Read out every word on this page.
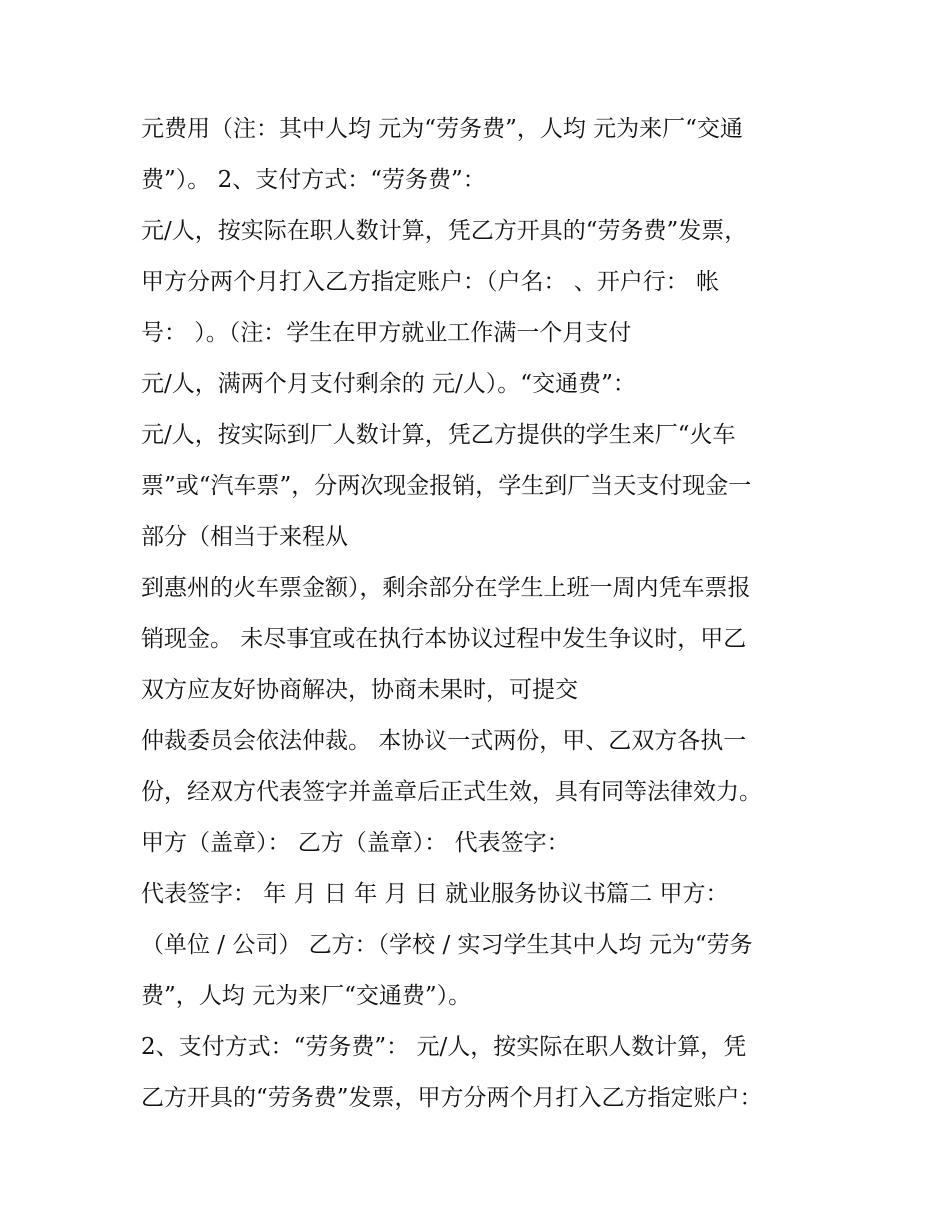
元费用（注：其中人均 元为“劳务费”，人均 元为来厂“交通
费”）。 2、支付方式：“劳务费”：
元/人，按实际在职人数计算，凭乙方开具的“劳务费”发票，
甲方分两个月打入乙方指定账户：（户名： 、开户行： 帐
号： ）。（注：学生在甲方就业工作满一个月支付
元/人，满两个月支付剩余的 元/人）。“交通费”：
元/人，按实际到厂人数计算，凭乙方提供的学生来厂“火车
票”或“汽车票”，分两次现金报销，学生到厂当天支付现金一
部分（相当于来程从
到惠州的火车票金额），剩余部分在学生上班一周内凭车票报
销现金。 未尽事宜或在执行本协议过程中发生争议时，甲乙
双方应友好协商解决，协商未果时，可提交
仲裁委员会依法仲裁。 本协议一式两份，甲、乙双方各执一
份，经双方代表签字并盖章后正式生效，具有同等法律效力。
甲方（盖章）： 乙方（盖章）： 代表签字：
代表签字： 年 月 日 年 月 日 就业服务协议书篇二 甲方：
（单位 / 公司） 乙方：（学校 / 实习学生其中人均 元为“劳务
费”，人均 元为来厂“交通费”）。
2、支付方式：“劳务费”： 元/人，按实际在职人数计算，凭
乙方开具的“劳务费”发票，甲方分两个月打入乙方指定账户：
